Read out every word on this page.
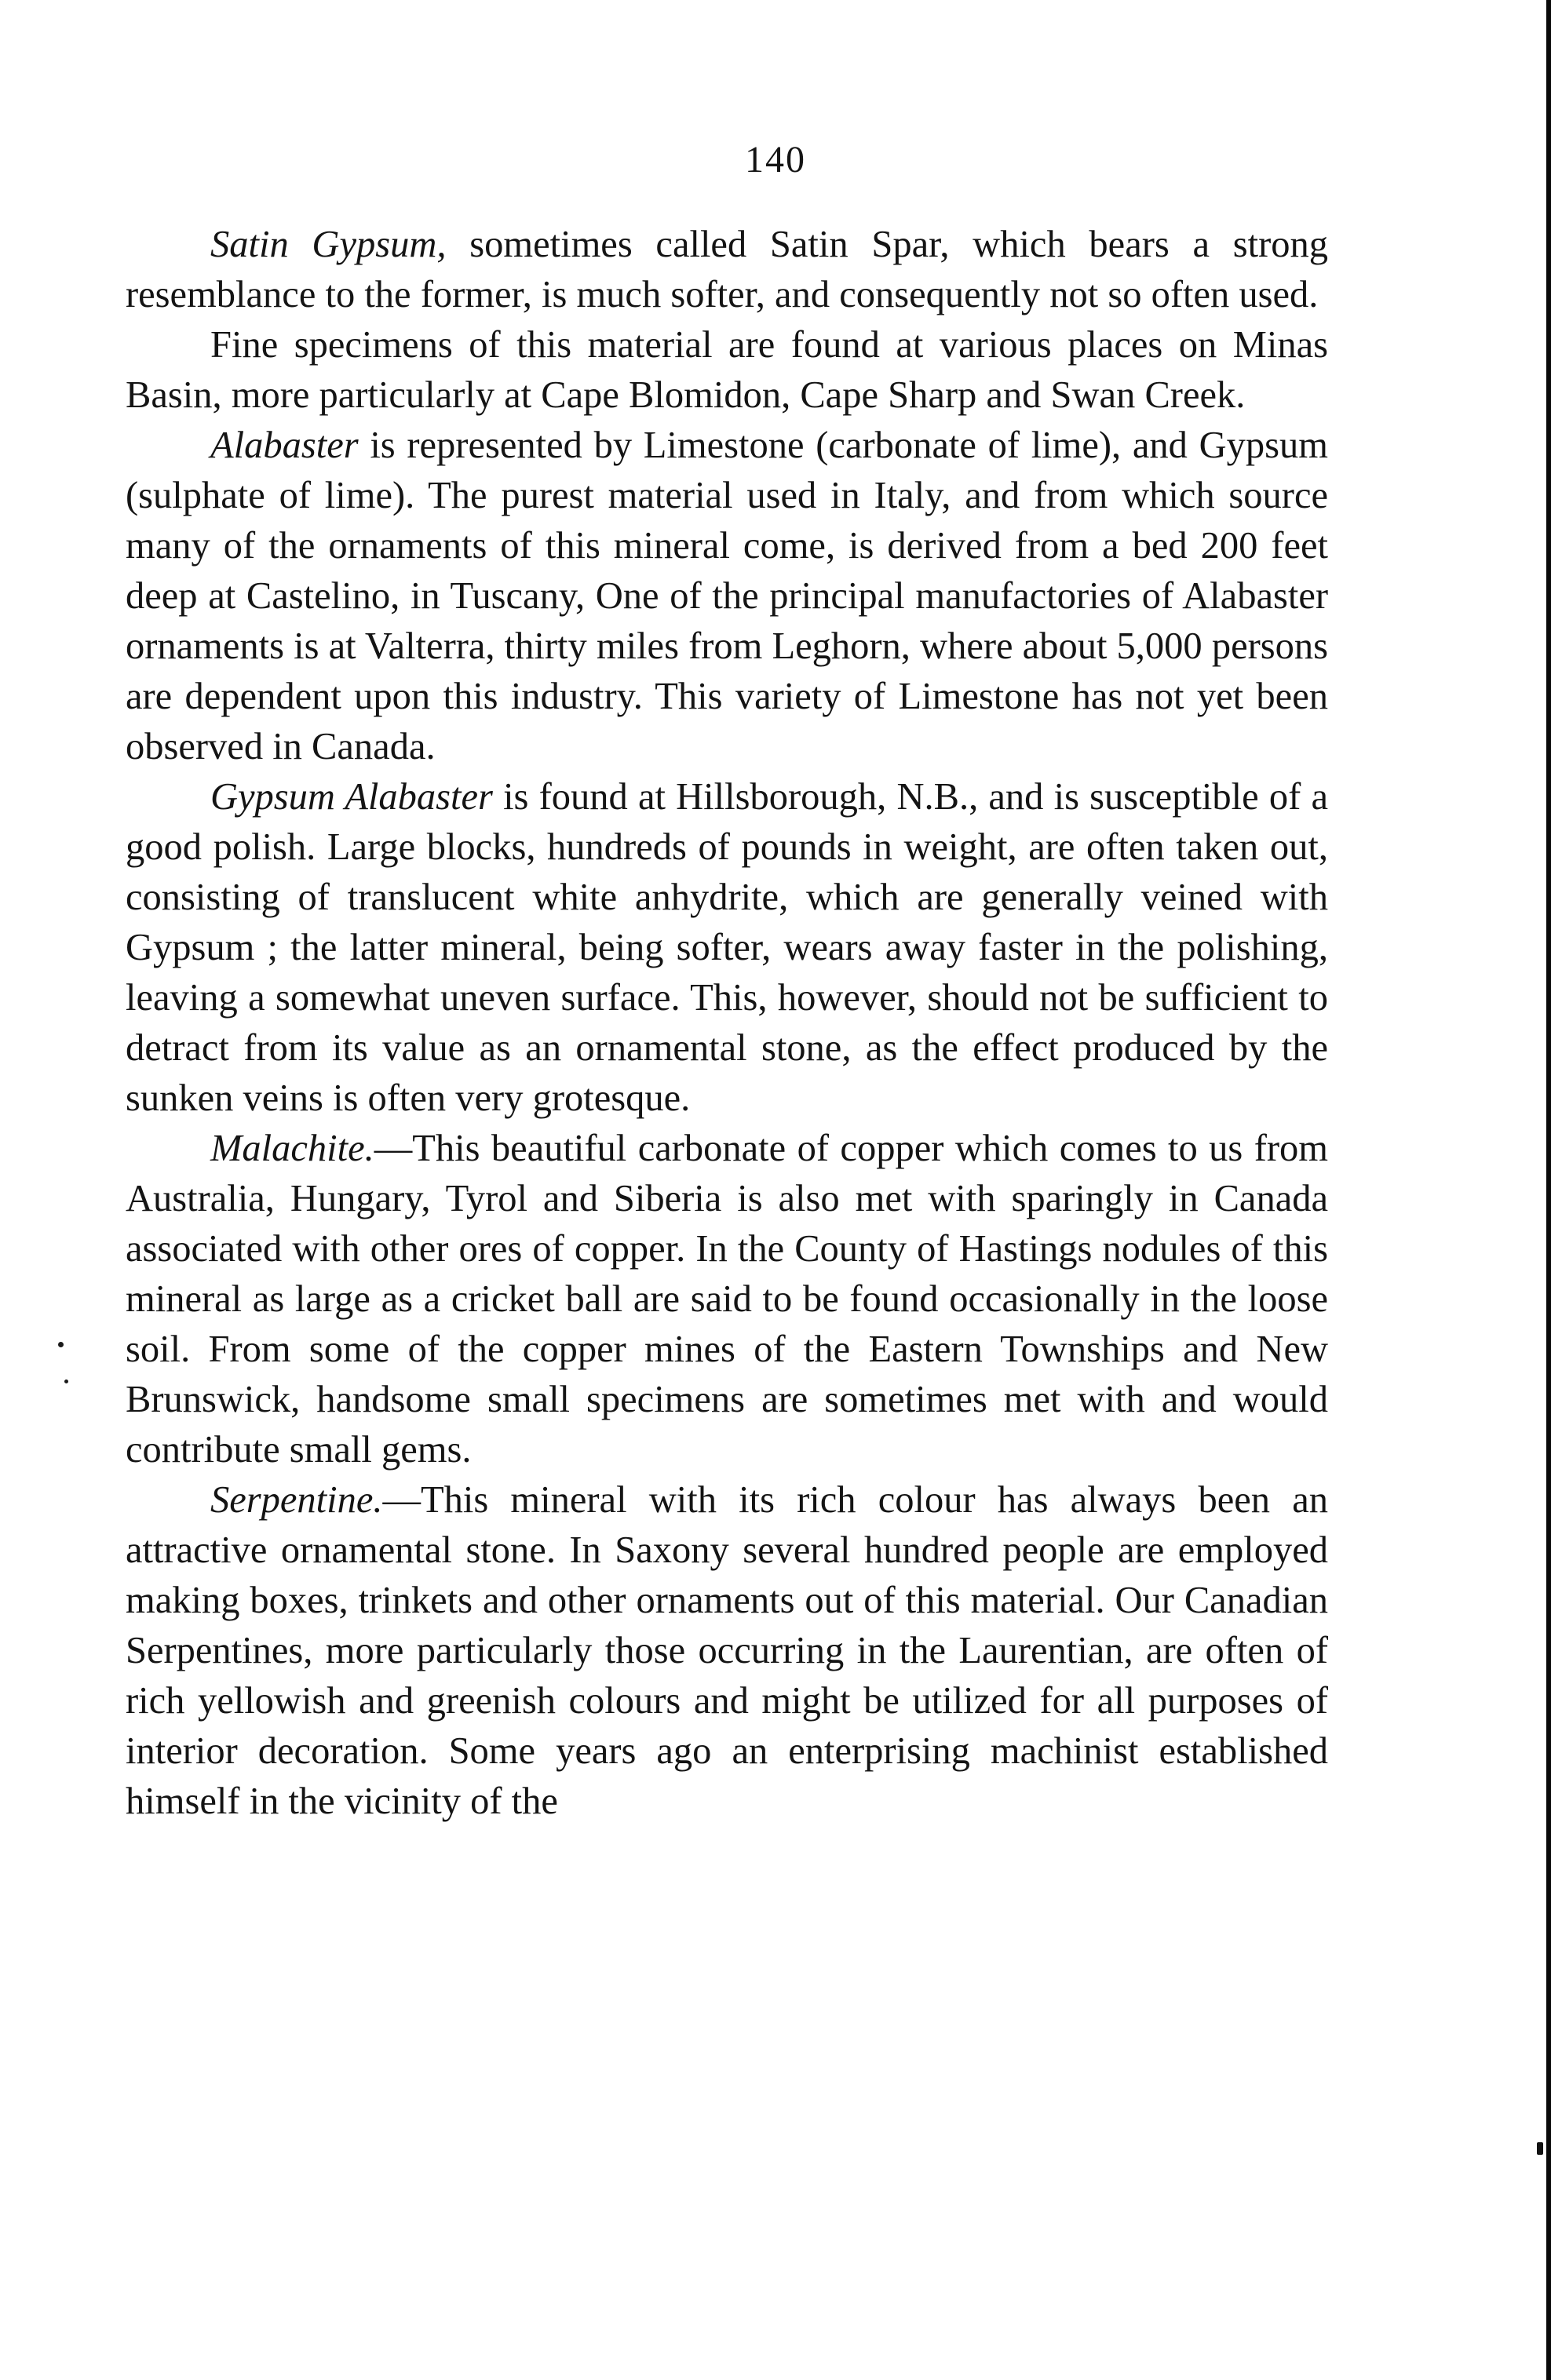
140

Satin Gypsum, sometimes called Satin Spar, which bears a strong resemblance to the former, is much softer, and consequently not so often used.

Fine specimens of this material are found at various places on Minas Basin, more particularly at Cape Blomidon, Cape Sharp and Swan Creek.

Alabaster is represented by Limestone (carbonate of lime), and Gypsum (sulphate of lime). The purest material used in Italy, and from which source many of the ornaments of this mineral come, is derived from a bed 200 feet deep at Castelino, in Tuscany, One of the principal manufactories of Alabaster ornaments is at Valterra, thirty miles from Leghorn, where about 5,000 persons are dependent upon this industry. This variety of Limestone has not yet been observed in Canada.

Gypsum Alabaster is found at Hillsborough, N.B., and is susceptible of a good polish. Large blocks, hundreds of pounds in weight, are often taken out, consisting of translucent white anhydrite, which are generally veined with Gypsum ; the latter mineral, being softer, wears away faster in the polishing, leaving a somewhat uneven surface. This, however, should not be sufficient to detract from its value as an ornamental stone, as the effect produced by the sunken veins is often very grotesque.

Malachite.—This beautiful carbonate of copper which comes to us from Australia, Hungary, Tyrol and Siberia is also met with sparingly in Canada associated with other ores of copper. In the County of Hastings nodules of this mineral as large as a cricket ball are said to be found occasionally in the loose soil. From some of the copper mines of the Eastern Townships and New Brunswick, handsome small specimens are sometimes met with and would contribute small gems.

Serpentine.—This mineral with its rich colour has always been an attractive ornamental stone. In Saxony several hundred people are employed making boxes, trinkets and other ornaments out of this material. Our Canadian Serpentines, more particularly those occurring in the Laurentian, are often of rich yellowish and greenish colours and might be utilized for all purposes of interior decoration. Some years ago an enterprising machinist established himself in the vicinity of the
